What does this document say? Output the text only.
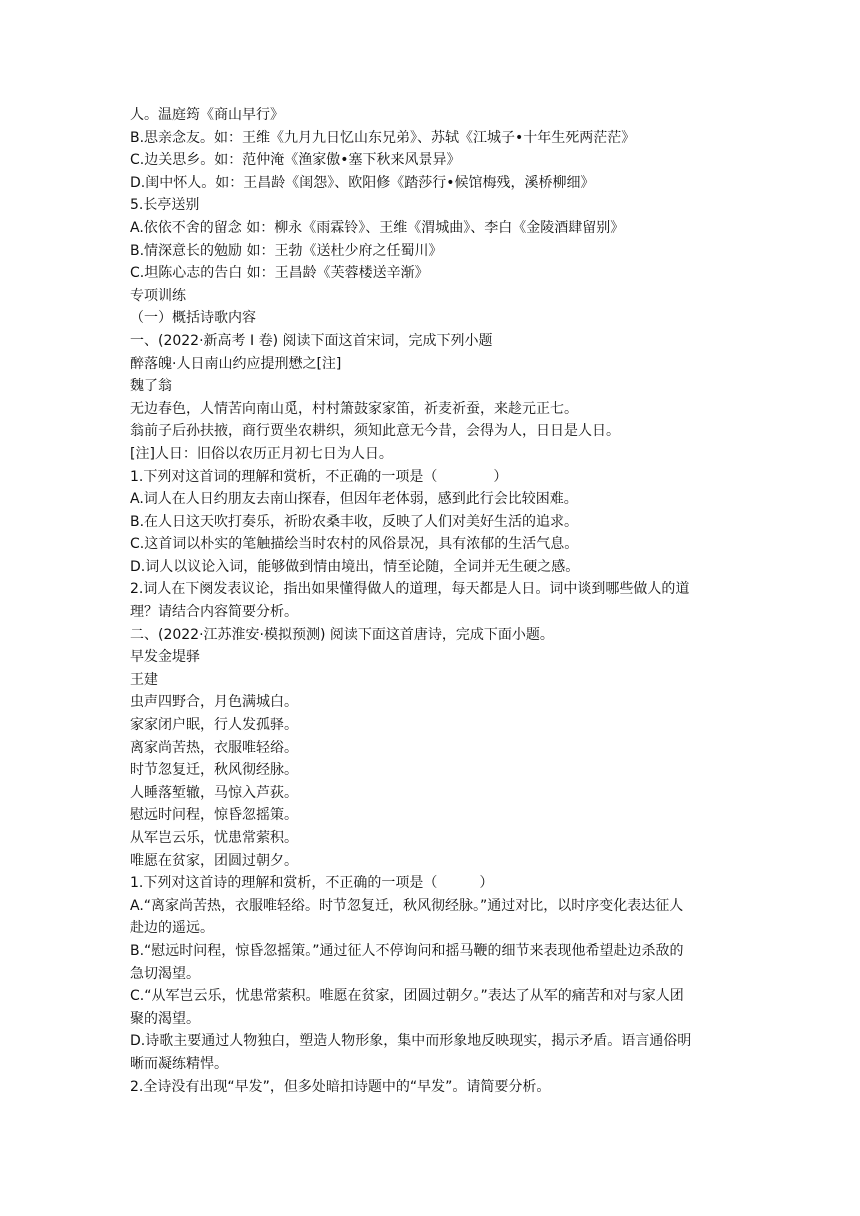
人。温庭筠《商山早行》
B.思亲念友。如：王维《九月九日忆山东兄弟》、苏轼《江城子•十年生死两茫茫》
C.边关思乡。如：范仲淹《渔家傲•塞下秋来风景异》
D.闺中怀人。如：王昌龄《闺怨》、欧阳修《踏莎行•候馆梅残，溪桥柳细》
5.长亭送别
A.依依不舍的留念 如：柳永《雨霖铃》、王维《渭城曲》、李白《金陵酒肆留别》
B.情深意长的勉励 如：王勃《送杜少府之任蜀川》
C.坦陈心志的告白 如：王昌龄《芙蓉楼送辛渐》
专项训练
（一）概括诗歌内容
一、(2022·新高考 I 卷) 阅读下面这首宋词，完成下列小题
醉落魄·人日南山约应提刑懋之[注]
魏了翁
无边春色，人情苦向南山觅，村村箫鼓家家笛，祈麦祈蚕，来趁元正七。
翁前子后孙扶掖，商行贾坐农耕织，须知此意无今昔，会得为人，日日是人日。
[注]人日：旧俗以农历正月初七日为人日。
1.下列对这首词的理解和赏析，不正确的一项是（　　　　）
A.词人在人日约朋友去南山探春，但因年老体弱，感到此行会比较困难。
B.在人日这天吹打奏乐，祈盼农桑丰收，反映了人们对美好生活的追求。
C.这首词以朴实的笔触描绘当时农村的风俗景况，具有浓郁的生活气息。
D.词人以议论入词，能够做到情由境出，情至论随，全词并无生硬之感。
2.词人在下阕发表议论，指出如果懂得做人的道理，每天都是人日。词中谈到哪些做人的道
理？请结合内容简要分析。
二、(2022·江苏淮安·模拟预测) 阅读下面这首唐诗，完成下面小题。
早发金堤驿
王建
虫声四野合，月色满城白。
家家闭户眠，行人发孤驿。
离家尚苦热，衣服唯轻绤。
时节忽复迁，秋风彻经脉。
人睡落堑辙，马惊入芦荻。
慰远时问程，惊昏忽摇策。
从军岂云乐，忧患常萦积。
唯愿在贫家，团圆过朝夕。
1.下列对这首诗的理解和赏析，不正确的一项是（　　　）
A.“离家尚苦热，衣服唯轻绤。时节忽复迁，秋风彻经脉。”通过对比，以时序变化表达征人
赴边的遥远。
B.“慰远时问程，惊昏忽摇策。”通过征人不停询问和摇马鞭的细节来表现他希望赴边杀敌的
急切渴望。
C.“从军岂云乐，忧患常萦积。唯愿在贫家，团圆过朝夕。”表达了从军的痛苦和对与家人团
聚的渴望。
D.诗歌主要通过人物独白，塑造人物形象，集中而形象地反映现实，揭示矛盾。语言通俗明
晰而凝练精悍。
2.全诗没有出现“早发”，但多处暗扣诗题中的“早发”。请简要分析。
